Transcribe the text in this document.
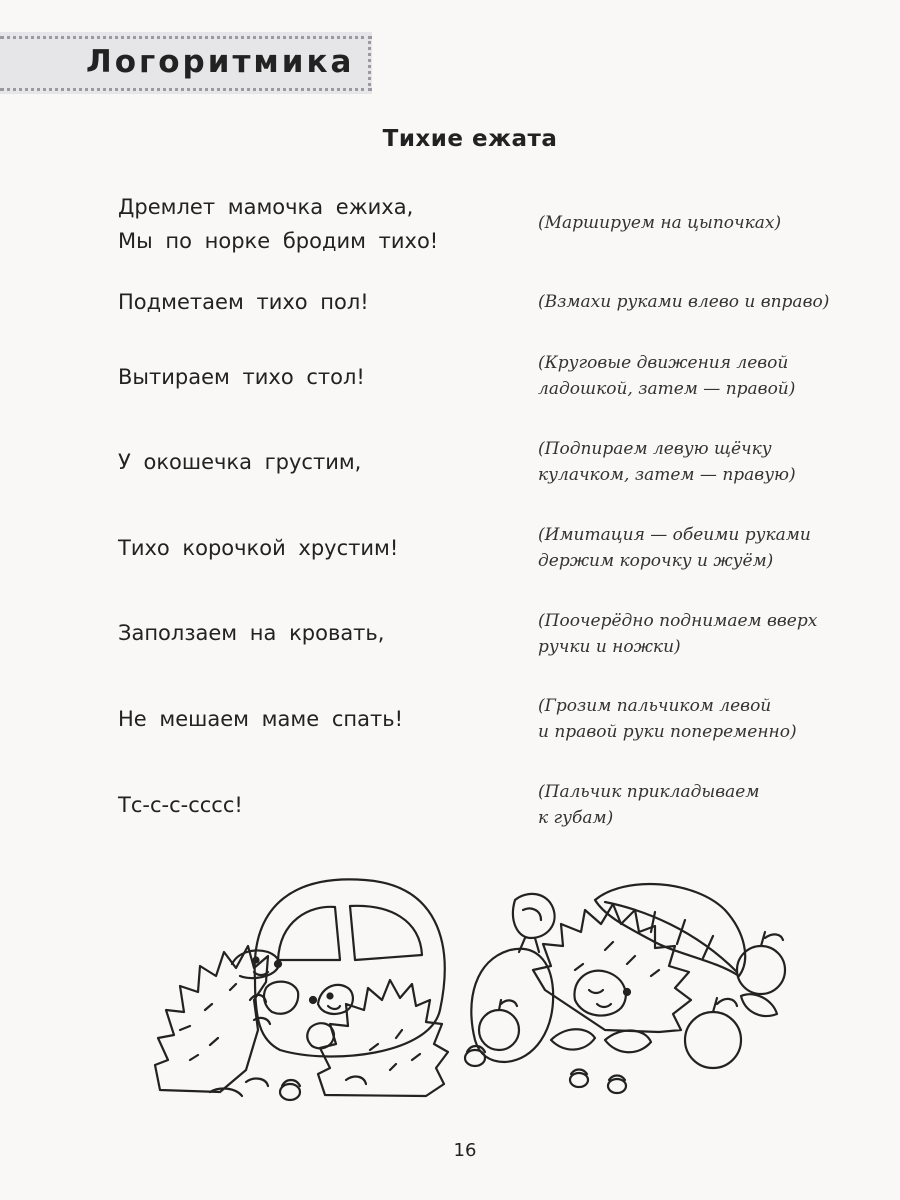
Логоритмика
Тихие ежата
Дремлет мамочка ежиха,
Мы по норке бродим тихо!
(Маршируем на цыпочках)
Подметаем тихо пол!	(Взмахи руками влево и вправо)
Вытираем тихо стол!
(Круговые движения левой
ладошкой, затем — правой)
У окошечка грустим,
(Подпираем левую щёчку
кулачком, затем — правую)
Тихо корочкой хрустим!
(Имитация — обеими руками
держим корочку и жуём)
Заползаем на кровать,	(Поочерёдно поднимаем вверх
ручки и ножки)
Не мешаем маме спать!
(Грозим пальчиком левой
и правой руки попеременно)
Тс-с-с-сссс!
(Пальчик прикладываем
к губам)
16
